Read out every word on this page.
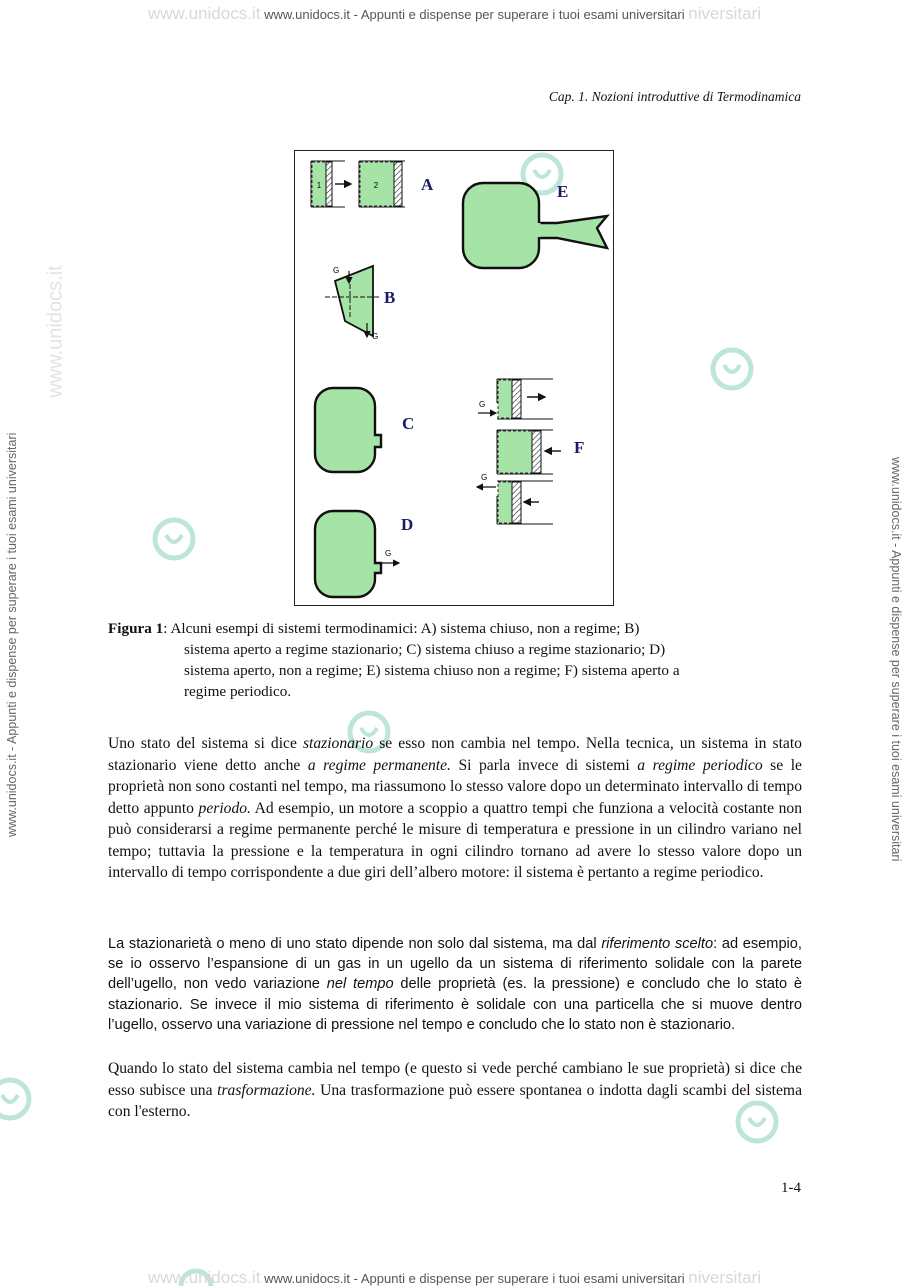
www.unidocs.it www.unidocs.it - Appunti e dispense per superare i tuoi esami universitari niversitari
www.unidocs.it - Appunti e dispense per superare i tuoi esami universitari	www.unidocs.it - Appunti e dispense per superare i tuoi esami universitari
www.unidocs.it
Cap. 1. Nozioni introduttive di Termodinamica
1	2	A	E
G
G
B
C
G
F
G
G
D
Figura 1: Alcuni esempi di sistemi termodinamici: A) sistema chiuso, non a regime; B)
sistema aperto a regime stazionario; C) sistema chiuso a regime stazionario; D)
sistema aperto, non a regime; E) sistema chiuso non a regime; F) sistema aperto a
regime periodico.
Uno stato del sistema si dice stazionario se esso non cambia nel tempo. Nella tecnica, un sistema in stato stazionario viene detto anche a regime permanente. Si parla invece di sistemi a regime periodico se le proprietà non sono costanti nel tempo, ma riassumono lo stesso valore dopo un determinato intervallo di tempo detto appunto periodo. Ad esempio, un motore a scoppio a quattro tempi che funziona a velocità costante non può considerarsi a regime permanente perché le misure di temperatura e pressione in un cilindro variano nel tempo; tuttavia la pressione e la temperatura in ogni cilindro tornano ad avere lo stesso valore dopo un intervallo di tempo corrispondente a due giri dell’albero motore: il sistema è pertanto a regime periodico.
La stazionarietà o meno di uno stato dipende non solo dal sistema, ma dal riferimento scelto: ad esempio, se io osservo l’espansione di un gas in un ugello da un sistema di riferimento solidale con la parete dell’ugello, non vedo variazione nel tempo delle proprietà (es. la pressione) e concludo che lo stato è stazionario. Se invece il mio sistema di riferimento è solidale con una particella che si muove dentro l’ugello, osservo una variazione di pressione nel tempo e concludo che lo stato non è stazionario.
Quando lo stato del sistema cambia nel tempo (e questo si vede perché cambiano le sue proprietà) si dice che esso subisce una trasformazione. Una trasformazione può essere spontanea o indotta dagli scambi del sistema con l'esterno.
1-4
www.unidocs.it www.unidocs.it - Appunti e dispense per superare i tuoi esami universitari niversitari
